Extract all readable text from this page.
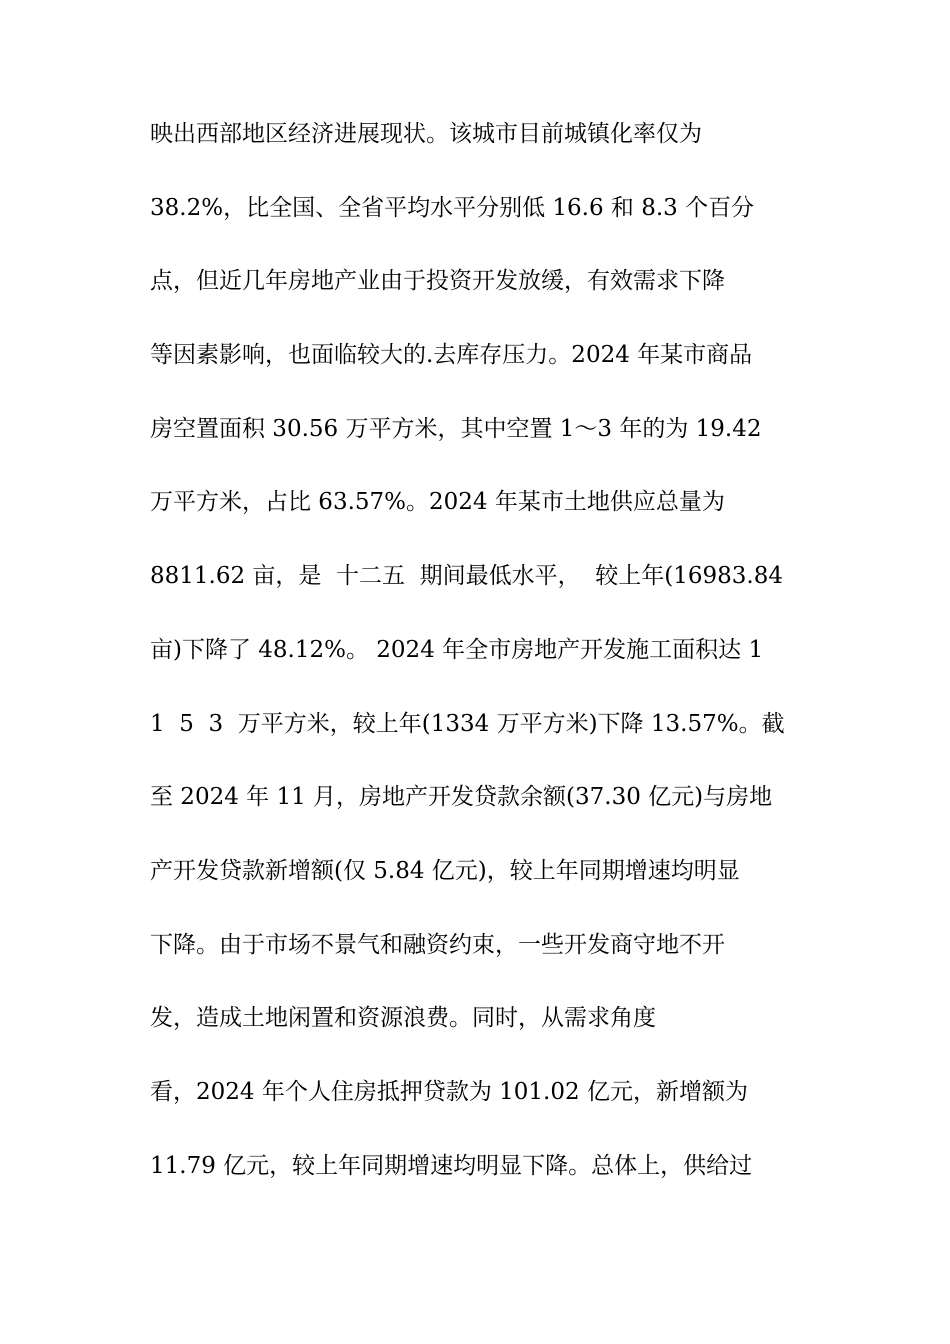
映出西部地区经济进展现状。该城市目前城镇化率仅为
38.2%，比全国、全省平均水平分别低 16.6 和 8.3 个百分
点，但近几年房地产业由于投资开发放缓，有效需求下降
等因素影响，也面临较大的.去库存压力。2024 年某市商品
房空置面积 30.56 万平方米，其中空置 1～3 年的为 19.42
万平方米，占比 63.57%。2024 年某市土地供应总量为
8811.62 亩，是  十二五  期间最低水平，  较上年(16983.84
亩)下降了 48.12%。 2024 年全市房地产开发施工面积达 1
1  5  3  万平方米，较上年(1334 万平方米)下降 13.57%。截
至 2024 年 11 月，房地产开发贷款余额(37.30 亿元)与房地
产开发贷款新增额(仅 5.84 亿元)，较上年同期增速均明显
下降。由于市场不景气和融资约束，一些开发商守地不开
发，造成土地闲置和资源浪费。同时，从需求角度
看，2024 年个人住房抵押贷款为 101.02 亿元，新增额为
11.79 亿元，较上年同期增速均明显下降。总体上，供给过
